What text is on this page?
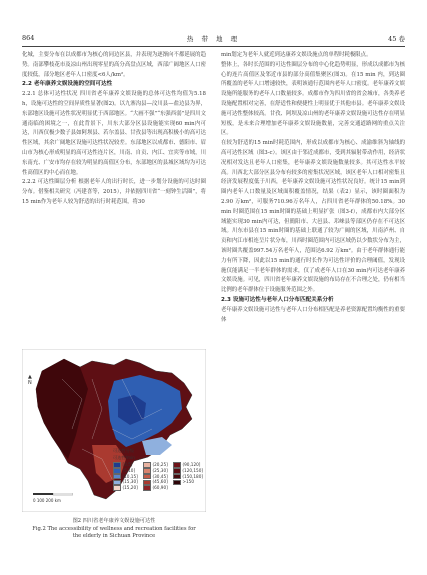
864	热 带 地 理	45 卷

化城，主要分布在以成都市为核心的同边区县，并表现为逐渐向不都延展的趋势。南部攀枝花市及凉山州出现零星的高分高盘点区域，西部广阔地区人口密度较低，部分地区老年人口密度<6人/km²。

2.2 老年康养文娱设施的空间可达性

2.2.1 总体可达性状况 四川省老年康养文娱设施的总体可达性均值为5.18 h，设施可达性的空间异质性显著(图2)。以九寨沟县—汶川县—盐边县为界，东部地区设施可达性状况明显优于西部地区。“大画不强”“东强西弱”是四川文通南临的困境之一，在此背景下，川东大部分区县设施能实现60 min内可达，川西仅极少数子县如阿坝县、若尔盖县、甘孜县等出现高积极小的高可达性区域，其余广阔地区设施可达性状况较差。东部地区以成都市、德阳市、眉山市为核心形成明显的高可达性连片区，川南、自贡、内江、宜宾等市域，川东南充、广安市均存在较为明显的高值区分布，东部地区的县城区域均为可达性高值区的中心而在地。

2.2.2 可达性圈层分析 根据老年人的出行时长，进一步划分设施的可达时圈分布。借鉴相关研究（冯建喜等，2015），并依据四川省“一刻钟生活圈”，将15 min作为老年人较为舒适的出行时耗范围，将30

▲
N
0 100 200 km
可达性分级
可达性/min
[0,5]	(20,25]	(90,120]
(5,10]	(25,30]	(120,150]
(10,15]	(30,45]	(150,180]
(15,30]	(45,60]	>150
(15,20]	(60,90]
图2 四川省老年康养文娱设施可达性
Fig.2 The accessibility of wellness and recreation facilities for
the elderly in Sichuan Province

min划定为老年人就近到达康养文娱设施点的单程时耗极限点。

整体上，各时长范围的可达性圈层分布的中心化趋势明显，形成以成都市为核心的连片高值区及邻近市县的部分高值集聚区(图3)。在15 min 内，到达圈所覆盖的老年人口增速较快，表明该通行范围内老年人口密度。老年康养文娱设施所能服务的老年人口数量较多。成都市作为四川省的省会城市，各类养老设施配置相对完善，在舒适性和便捷性上明显优于其他市县。老年康养文娱设施可达性整体较高。甘孜、阿坝及凉山州的老年康养文娱设施可达性存在明显短板，是未来合理增加老年康养文娱设施数量，完善交通道路网的重点关注区。

在较为舒适的15 min时耗范围内，形成以成都市为核心、成渝维斜为轴线的高可达性区域（图3-c）。该区由于邻近成都市，受到其辐射带动作用，经济状况相对发达且老年人口密集，老年康养文娱设施数量较多。其可达性水平较高。川西北大部分区县分布有较多的密集状况区域，该区老年人口相对密集且经济发展程度低于川西，老年康养文娱设施可达性状况良好。统计15 min到圈内老年人口数量及区域面积覆盖情况，结果（表2）显示，该时圈面积为2.90 万km²，可服务710.96万名年人，占四川省老年群体的50.18%。30 min 时圈范围在15 min时圈的基础上明显扩张（图3-f），成都市内大部分区域能实现30 min内可达，但簡阳市、大邑县、邛崃县等部区仍存在不可达区域。川东市县在15 min时圈的基础上联通了较为广阔的区域，川南泸州、自贡和内江市相连呈片状分布，川西时圈范围内可达区域仍以少数状分布为主，该时圈共覆盖997.54万名老年人，范围达6.92 万km²。由于老年群体通行能力有所下降，因此以15 min的通行时长作为可达性评价的合理阈值，发现设施仅能满足一半老年群体的需求，仅了成老年人口在30 min内可达老年康养文娱设施。可见，四川省老年康养文娱设施的布局存在不合理之处，仍有相当比例的老年群体位于设施服务范围之外。

2.3 设施可达性与老年人口分布匹配关系分析

老年康养文娱设施可达性与老年人口分布相匹配是养老资源配置均衡性的重要体
